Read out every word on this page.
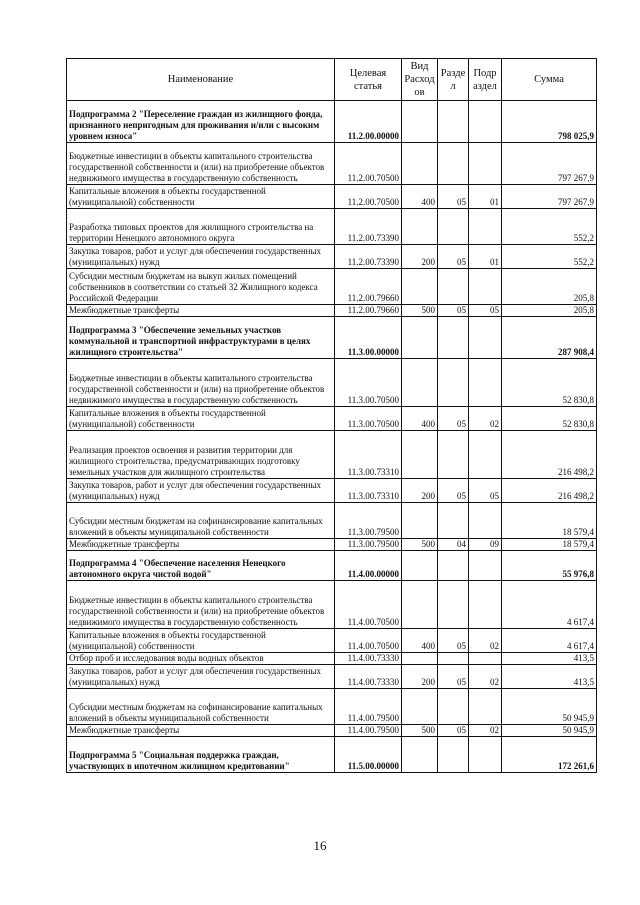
Наименование	Целевая статья	Вид Расход ов	Разде л	Подр аздел	Сумма
Подпрограмма 2 "Переселение граждан из жилищного фонда, признанного непригодным для проживания и/или с высоким уровнем износа"	11.2.00.00000				798 025,9
Бюджетные инвестиции в объекты капитального строительства государственной собственности и (или) на приобретение объектов недвижимого имущества в государственную собственность	11.2.00.70500				797 267,9
Капитальные вложения в объекты государственной (муниципальной) собственности	11.2.00.70500	400	05	01	797 267,9
Разработка типовых проектов для жилищного строительства на территории Ненецкого автономного округа	11.2.00.73390				552,2
Закупка товаров, работ и услуг для обеспечения государственных (муниципальных) нужд	11.2.00.73390	200	05	01	552,2
Субсидии местным бюджетам на выкуп жилых помещений собственников в соответствии со статьей 32 Жилищного кодекса Российской Федерации	11.2.00.79660				205,8
Межбюджетные трансферты	11.2.00.79660	500	05	05	205,8
Подпрограмма 3 "Обеспечение земельных участков коммунальной и транспортной инфраструктурами в целях жилищного строительства"	11.3.00.00000				287 908,4
Бюджетные инвестиции в объекты капитального строительства государственной собственности и (или) на приобретение объектов недвижимого имущества в государственную собственность	11.3.00.70500				52 830,8
Капитальные вложения в объекты государственной (муниципальной) собственности	11.3.00.70500	400	05	02	52 830,8
Реализация проектов освоения и развития территории для жилищного строительства, предусматривающих подготовку земельных участков для жилищного строительства	11.3.00.73310				216 498,2
Закупка товаров, работ и услуг для обеспечения государственных (муниципальных) нужд	11.3.00.73310	200	05	05	216 498,2
Субсидии местным бюджетам на софинансирование капитальных вложений в объекты муниципальной собственности	11.3.00.79500				18 579,4
Межбюджетные трансферты	11.3.00.79500	500	04	09	18 579,4
Подпрограмма 4 "Обеспечение населения Ненецкого автономного округа чистой водой"	11.4.00.00000				55 976,8
Бюджетные инвестиции в объекты капитального строительства государственной собственности и (или) на приобретение объектов недвижимого имущества в государственную собственность	11.4.00.70500				4 617,4
Капитальные вложения в объекты государственной (муниципальной) собственности	11.4.00.70500	400	05	02	4 617,4
Отбор проб и исследования воды водных объектов	11.4.00.73330				413,5
Закупка товаров, работ и услуг для обеспечения государственных (муниципальных) нужд	11.4.00.73330	200	05	02	413,5
Субсидии местным бюджетам на софинансирование капитальных вложений в объекты муниципальной собственности	11.4.00.79500				50 945,9
Межбюджетные трансферты	11.4.00.79500	500	05	02	50 945,9
Подпрограмма 5 "Социальная поддержка граждан, участвующих в ипотечном жилищном кредитовании"	11.5.00.00000				172 261,6
16
